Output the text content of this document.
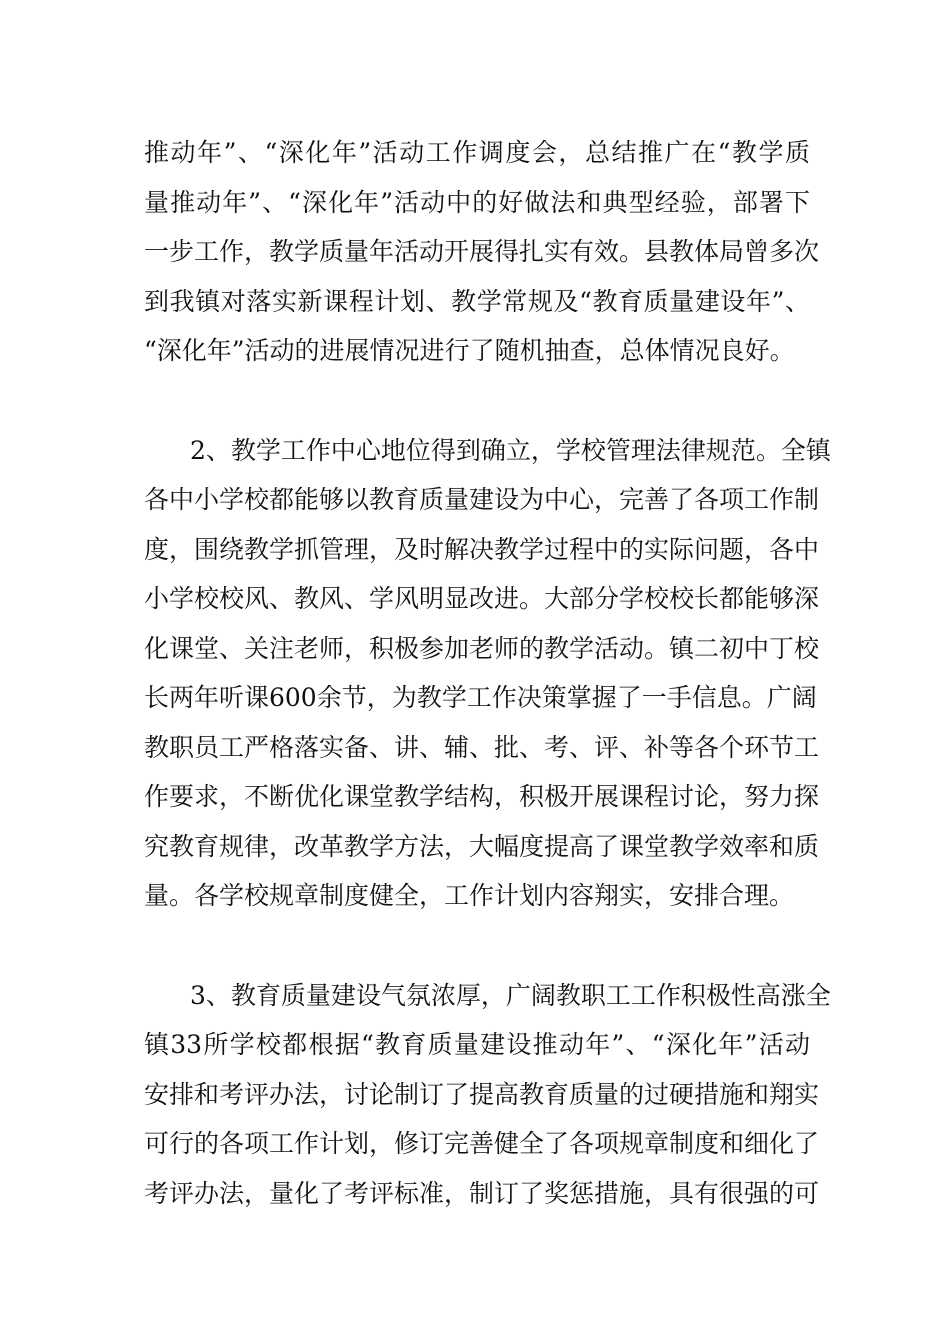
推动年”、“深化年”活动工作调度会，总结推广在“教学质
量推动年”、“深化年”活动中的好做法和典型经验，部署下
一步工作，教学质量年活动开展得扎实有效。县教体局曾多次
到我镇对落实新课程计划、教学常规及“教育质量建设年”、
“深化年”活动的进展情况进行了随机抽查，总体情况良好。
2、教学工作中心地位得到确立，学校管理法律规范。全镇
各中小学校都能够以教育质量建设为中心，完善了各项工作制
度，围绕教学抓管理，及时解决教学过程中的实际问题，各中
小学校校风、教风、学风明显改进。大部分学校校长都能够深
化课堂、关注老师，积极参加老师的教学活动。镇二初中丁校
长两年听课600余节，为教学工作决策掌握了一手信息。广阔
教职员工严格落实备、讲、辅、批、考、评、补等各个环节工
作要求，不断优化课堂教学结构，积极开展课程讨论，努力探
究教育规律，改革教学方法，大幅度提高了课堂教学效率和质
量。各学校规章制度健全，工作计划内容翔实，安排合理。
3、教育质量建设气氛浓厚，广阔教职工工作积极性高涨全
镇33所学校都根据“教育质量建设推动年”、“深化年”活动
安排和考评办法，讨论制订了提高教育质量的过硬措施和翔实
可行的各项工作计划，修订完善健全了各项规章制度和细化了
考评办法，量化了考评标准，制订了奖惩措施，具有很强的可
